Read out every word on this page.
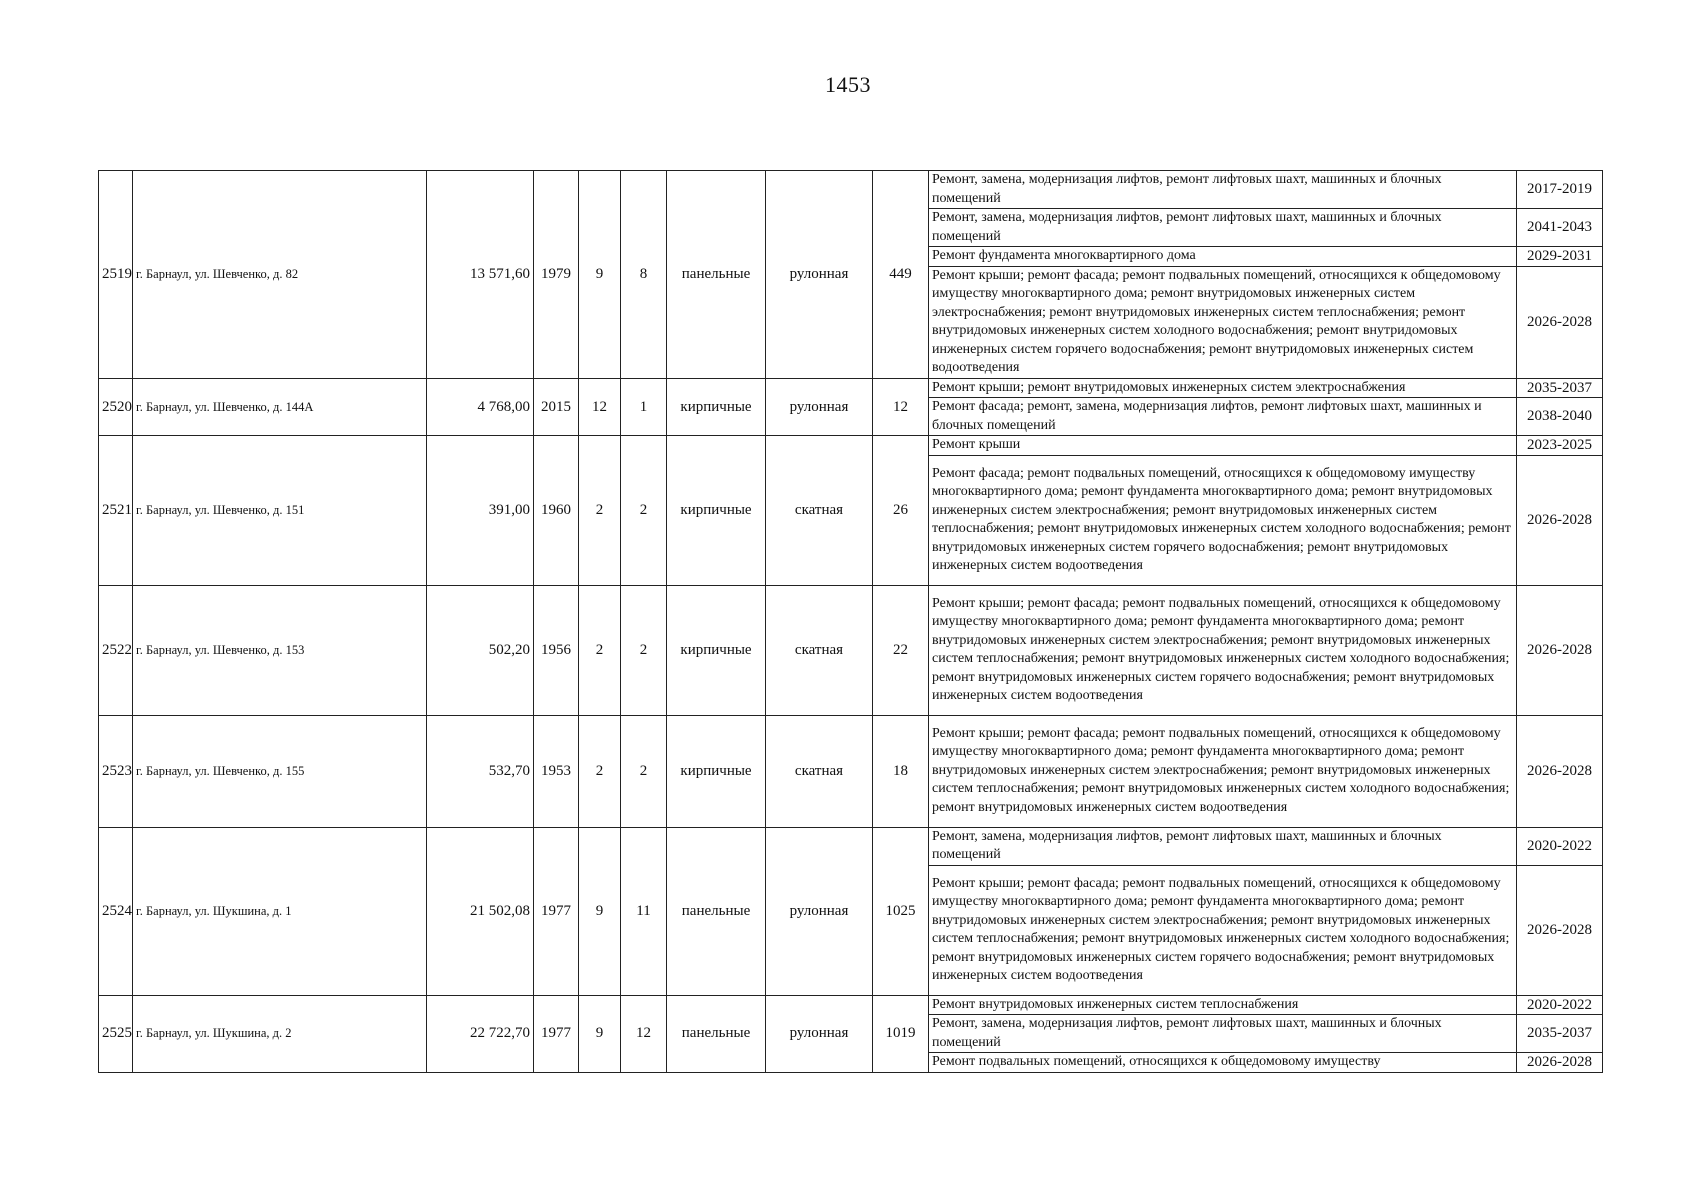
1453
2519	г. Барнаул, ул. Шевченко, д. 82	13 571,60	1979	9	8	панельные	рулонная	449	Ремонт, замена, модернизация лифтов, ремонт лифтовых шахт, машинных и блочных помещений	2017-2019
									Ремонт, замена, модернизация лифтов, ремонт лифтовых шахт, машинных и блочных помещений	2041-2043
									Ремонт фундамента многоквартирного дома	2029-2031
									Ремонт крыши; ремонт фасада; ремонт подвальных помещений, относящихся к общедомовому имуществу многоквартирного дома; ремонт внутридомовых инженерных систем электроснабжения; ремонт внутридомовых инженерных систем теплоснабжения; ремонт внутридомовых инженерных систем холодного водоснабжения; ремонт внутридомовых инженерных систем горячего водоснабжения; ремонт внутридомовых инженерных систем водоотведения	2026-2028
2520	г. Барнаул, ул. Шевченко, д. 144А	4 768,00	2015	12	1	кирпичные	рулонная	12	Ремонт крыши; ремонт внутридомовых инженерных систем электроснабжения	2035-2037
									Ремонт фасада; ремонт, замена, модернизация лифтов, ремонт лифтовых шахт, машинных и блочных помещений	2038-2040
2521	г. Барнаул, ул. Шевченко, д. 151	391,00	1960	2	2	кирпичные	скатная	26	Ремонт крыши	2023-2025
									Ремонт фасада; ремонт подвальных помещений, относящихся к общедомовому имуществу многоквартирного дома; ремонт фундамента многоквартирного дома; ремонт внутридомовых инженерных систем электроснабжения; ремонт внутридомовых инженерных систем теплоснабжения; ремонт внутридомовых инженерных систем холодного водоснабжения; ремонт внутридомовых инженерных систем горячего водоснабжения; ремонт внутридомовых инженерных систем водоотведения	2026-2028
2522	г. Барнаул, ул. Шевченко, д. 153	502,20	1956	2	2	кирпичные	скатная	22	Ремонт крыши; ремонт фасада; ремонт подвальных помещений, относящихся к общедомовому имуществу многоквартирного дома; ремонт фундамента многоквартирного дома; ремонт внутридомовых инженерных систем электроснабжения; ремонт внутридомовых инженерных систем теплоснабжения; ремонт внутридомовых инженерных систем холодного водоснабжения; ремонт внутридомовых инженерных систем горячего водоснабжения; ремонт внутридомовых инженерных систем водоотведения	2026-2028
2523	г. Барнаул, ул. Шевченко, д. 155	532,70	1953	2	2	кирпичные	скатная	18	Ремонт крыши; ремонт фасада; ремонт подвальных помещений, относящихся к общедомовому имуществу многоквартирного дома; ремонт фундамента многоквартирного дома; ремонт внутридомовых инженерных систем электроснабжения; ремонт внутридомовых инженерных систем теплоснабжения; ремонт внутридомовых инженерных систем холодного водоснабжения; ремонт внутридомовых инженерных систем водоотведения	2026-2028
2524	г. Барнаул, ул. Шукшина, д. 1	21 502,08	1977	9	11	панельные	рулонная	1025	Ремонт, замена, модернизация лифтов, ремонт лифтовых шахт, машинных и блочных помещений	2020-2022
									Ремонт крыши; ремонт фасада; ремонт подвальных помещений, относящихся к общедомовому имуществу многоквартирного дома; ремонт фундамента многоквартирного дома; ремонт внутридомовых инженерных систем электроснабжения; ремонт внутридомовых инженерных систем теплоснабжения; ремонт внутридомовых инженерных систем холодного водоснабжения; ремонт внутридомовых инженерных систем горячего водоснабжения; ремонт внутридомовых инженерных систем водоотведения	2026-2028
2525	г. Барнаул, ул. Шукшина, д. 2	22 722,70	1977	9	12	панельные	рулонная	1019	Ремонт внутридомовых инженерных систем теплоснабжения	2020-2022
									Ремонт, замена, модернизация лифтов, ремонт лифтовых шахт, машинных и блочных помещений	2035-2037
									Ремонт подвальных помещений, относящихся к общедомовому имуществу	2026-2028
